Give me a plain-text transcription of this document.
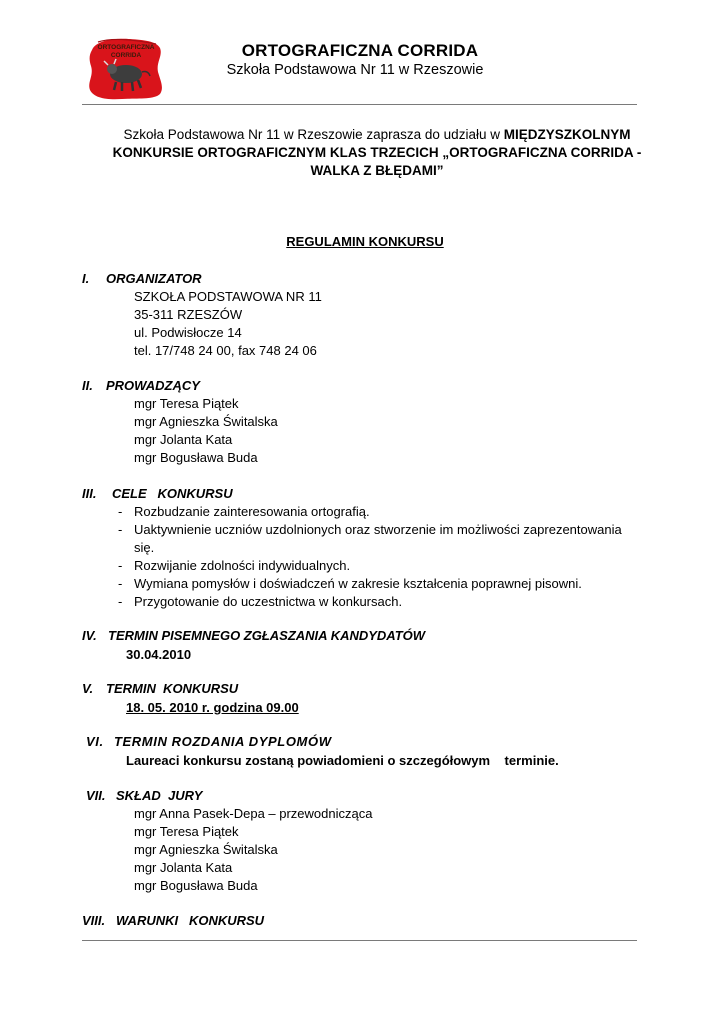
ORTOGRAFICZNA
CORRIDA	ORTOGRAFICZNA CORRIDA
Szkoła Podstawowa Nr 11 w Rzeszowie
Szkoła Podstawowa Nr 11 w Rzeszowie zaprasza do udziału w MIĘDZYSZKOLNYM
KONKURSIE ORTOGRAFICZNYM KLAS TRZECICH „ORTOGRAFICZNA CORRIDA -
WALKA Z BŁĘDAMI”
REGULAMIN KONKURSU
I. ORGANIZATOR
SZKOŁA PODSTAWOWA NR 11
35-311 RZESZÓW
ul. Podwisłocze 14
tel. 17/748 24 00, fax 748 24 06
II. PROWADZĄCY
mgr Teresa Piątek
mgr Agnieszka Świtalska
mgr Jolanta Kata
mgr Bogusława Buda
III. CELE   KONKURSU
- Rozbudzanie zainteresowania ortografią.
- Uaktywnienie uczniów uzdolnionych oraz stworzenie im możliwości zaprezentowania się.
- Rozwijanie zdolności indywidualnych.
- Wymiana pomysłów i doświadczeń w zakresie kształcenia poprawnej pisowni.
- Przygotowanie do uczestnictwa w konkursach.
IV. TERMIN PISEMNEGO ZGŁASZANIA KANDYDATÓW
30.04.2010
V. TERMIN  KONKURSU
18. 05. 2010 r. godzina 09.00
VI. TERMIN ROZDANIA DYPLOMÓW
Laureaci konkursu zostaną powiadomieni o szczegółowym    terminie.
VII. SKŁAD  JURY
mgr Anna Pasek-Depa – przewodnicząca
mgr Teresa Piątek
mgr Agnieszka Świtalska
mgr Jolanta Kata
mgr Bogusława Buda
VIII. WARUNKI   KONKURSU
